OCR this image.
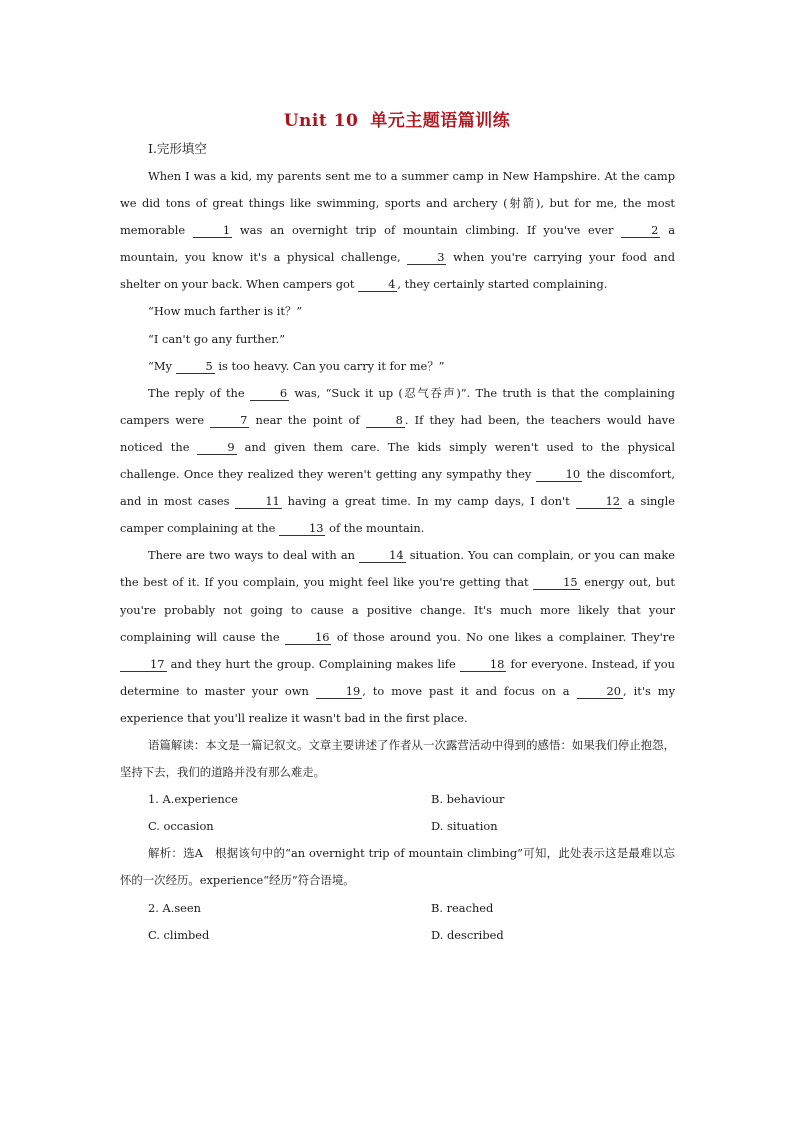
Unit 10 单元主题语篇训练
Ⅰ.完形填空

When I was a kid, my parents sent me to a summer camp in New Hampshire. At the camp we did tons of great things like swimming, sports and archery (射箭), but for me, the most memorable	1 was an overnight trip of mountain climbing. If you've ever	2 a mountain, you know it's a physical challenge,	3 when you're carrying your food and shelter on your back. When campers got	4 , they certainly started complaining.

“How much farther is it？”

“I can't go any further.”

“My	5 is too heavy. Can you carry it for me？”

The reply of the	6 was, “Suck it up (忍气吞声)”. The truth is that the complaining campers were	7 near the point of	8 . If they had been, the teachers would have noticed the	9 and given them care. The kids simply weren't used to the physical challenge. Once they realized they weren't getting any sympathy they	10 the discomfort, and in most cases	11 having a great time. In my camp days, I don't	12 a single camper complaining at the	13 of the mountain.

There are two ways to deal with an	14 situation. You can complain, or you can make the best of it. If you complain, you might feel like you're getting that	15 energy out, but you're probably not going to cause a positive change. It's much more likely that your complaining will cause the	16 of those around you. No one likes a complainer. They're 17 and they hurt the group. Complaining makes life	18 for everyone. Instead, if you determine to master your own	19 , to move past it and focus on a	20 , it's my experience that you'll realize it wasn't bad in the first place.

语篇解读：本文是一篇记叙文。文章主要讲述了作者从一次露营活动中得到的感悟：如果我们停止抱怨，坚持下去，我们的道路并没有那么难走。

1. A.experience	B. behaviour
C. occasion	D. situation

解析：选A　根据该句中的“an overnight trip of mountain climbing”可知，此处表示这是最难以忘怀的一次经历。experience“经历”符合语境。

2. A.seen	B. reached
C. climbed	D. described
